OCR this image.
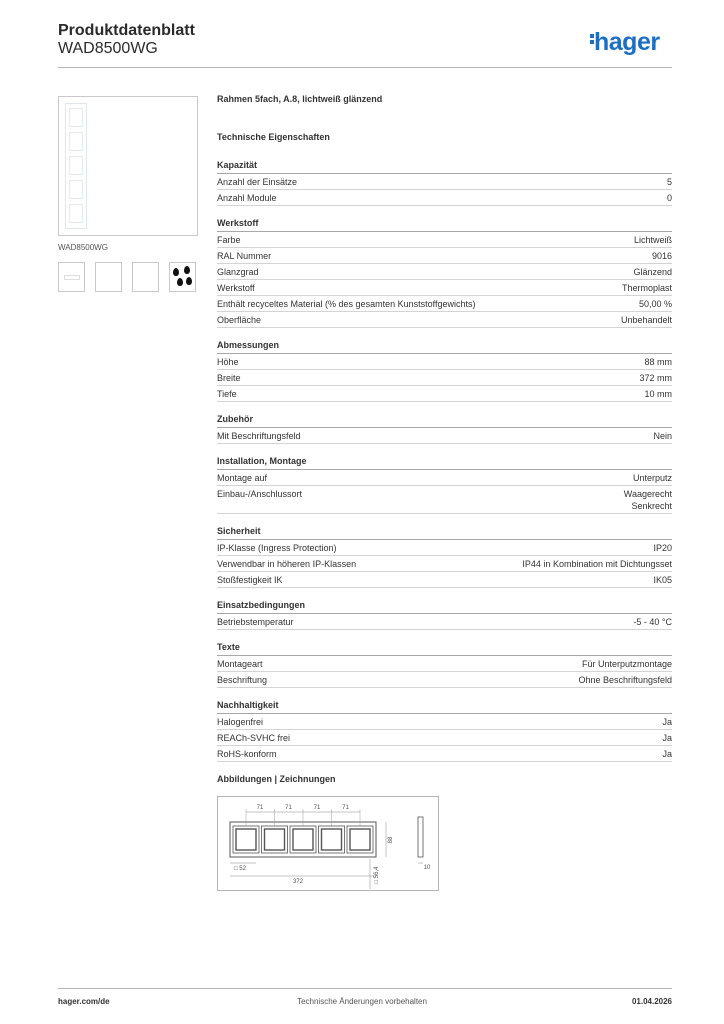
Produktdatenblatt
WAD8500WG	hager
WAD8500WG
Rahmen 5fach, A.8, lichtweiß glänzend
Technische Eigenschaften
Kapazität
Anzahl der Einsätze	5
Anzahl Module	0
Werkstoff
Farbe	Lichtweiß
RAL Nummer	9016
Glanzgrad	Glänzend
Werkstoff	Thermoplast
Enthält recyceltes Material (% des gesamten Kunststoffgewichts)	50,00 %
Oberfläche	Unbehandelt
Abmessungen
Höhe	88 mm
Breite	372 mm
Tiefe	10 mm
Zubehör
Mit Beschriftungsfeld	Nein
Installation, Montage
Montage auf	Unterputz
Einbau-/Anschlussort	Waagerecht
Senkrecht
Sicherheit
IP-Klasse (Ingress Protection)	IP20
Verwendbar in höheren IP-Klassen	IP44 in Kombination mit Dichtungsset
Stoßfestigkeit IK	IK05
Einsatzbedingungen
Betriebstemperatur	-5 - 40 °C
Texte
Montageart	Für Unterputzmontage
Beschriftung	Ohne Beschriftungsfeld
Nachhaltigkeit
Halogenfrei	Ja
REACh-SVHC frei	Ja
RoHS-konform	Ja
Abbildungen | Zeichnungen
71	71	71	71
88
□ 52
372	□ 56,4	10
hager.com/de	Technische Änderungen vorbehalten	01.04.2026
